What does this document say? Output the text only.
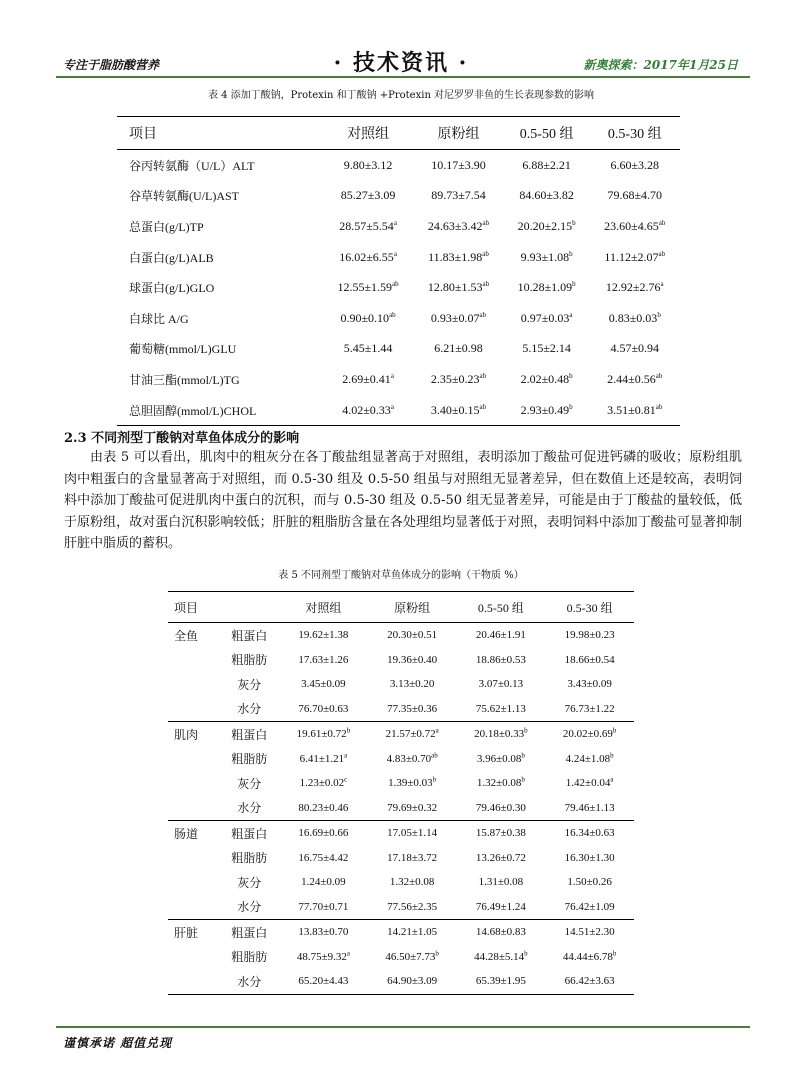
专注于脂肪酸营养	· 技术资讯 ·	新奥探索：2017年1月25日
表 4 添加丁酸钠，Protexin 和丁酸钠 +Protexin 对尼罗罗非鱼的生长表现参数的影响
项目	对照组	原粉组	0.5-50 组	0.5-30 组
谷丙转氨酶（U/L）ALT	9.80±3.12	10.17±3.90	6.88±2.21	6.60±3.28
谷草转氨酶(U/L)AST	85.27±3.09	89.73±7.54	84.60±3.82	79.68±4.70
总蛋白(g/L)TP	28.57±5.54$^a$	24.63±3.42$^{ab}$	20.20±2.15$^b$	23.60±4.65$^{ab}$
白蛋白(g/L)ALB	16.02±6.55$^a$	11.83±1.98$^{ab}$	9.93±1.08$^b$	11.12±2.07$^{ab}$
球蛋白(g/L)GLO	12.55±1.59$^{ab}$	12.80±1.53$^{ab}$	10.28±1.09$^b$	12.92±2.76$^a$
白球比 A/G	0.90±0.10$^{ab}$	0.93±0.07$^{ab}$	0.97±0.03$^a$	0.83±0.03$^b$
葡萄糖(mmol/L)GLU	5.45±1.44	6.21±0.98	5.15±2.14	4.57±0.94
甘油三酯(mmol/L)TG	2.69±0.41$^a$	2.35±0.23$^{ab}$	2.02±0.48$^b$	2.44±0.56$^{ab}$
总胆固醇(mmol/L)CHOL	4.02±0.33$^a$	3.40±0.15$^{ab}$	2.93±0.49$^b$	3.51±0.81$^{ab}$
2.3 不同剂型丁酸钠对草鱼体成分的影响
由表 5 可以看出，肌肉中的粗灰分在各丁酸盐组显著高于对照组，表明添加丁酸盐可促进钙磷的吸收；原粉组肌肉中粗蛋白的含量显著高于对照组，而 0.5-30 组及 0.5-50 组虽与对照组无显著差异，但在数值上还是较高，表明饲料中添加丁酸盐可促进肌肉中蛋白的沉积，而与 0.5-30 组及 0.5-50 组无显著差异，可能是由于丁酸盐的量较低，低于原粉组，故对蛋白沉积影响较低；肝脏的粗脂肪含量在各处理组均显著低于对照，表明饲料中添加丁酸盐可显著抑制肝脏中脂质的蓄积。
表 5 不同剂型丁酸钠对草鱼体成分的影响（干物质 %）
项目		对照组	原粉组	0.5-50 组	0.5-30 组
全鱼	粗蛋白	19.62±1.38	20.30±0.51	20.46±1.91	19.98±0.23
	粗脂肪	17.63±1.26	19.36±0.40	18.86±0.53	18.66±0.54
	灰分	3.45±0.09	3.13±0.20	3.07±0.13	3.43±0.09
	水分	76.70±0.63	77.35±0.36	75.62±1.13	76.73±1.22
肌肉	粗蛋白	19.61±0.72$^b$	21.57±0.72$^a$	20.18±0.33$^b$	20.02±0.69$^b$
	粗脂肪	6.41±1.21$^a$	4.83±0.70$^{ab}$	3.96±0.08$^b$	4.24±1.08$^b$
	灰分	1.23±0.02$^c$	1.39±0.03$^b$	1.32±0.08$^b$	1.42±0.04$^a$
	水分	80.23±0.46	79.69±0.32	79.46±0.30	79.46±1.13
肠道	粗蛋白	16.69±0.66	17.05±1.14	15.87±0.38	16.34±0.63
	粗脂肪	16.75±4.42	17.18±3.72	13.26±0.72	16.30±1.30
	灰分	1.24±0.09	1.32±0.08	1.31±0.08	1.50±0.26
	水分	77.70±0.71	77.56±2.35	76.49±1.24	76.42±1.09
肝脏	粗蛋白	13.83±0.70	14.21±1.05	14.68±0.83	14.51±2.30
	粗脂肪	48.75±9.32$^a$	46.50±7.73$^b$	44.28±5.14$^b$	44.44±6.78$^b$
	水分	65.20±4.43	64.90±3.09	65.39±1.95	66.42±3.63
谨慎承诺 超值兑现
